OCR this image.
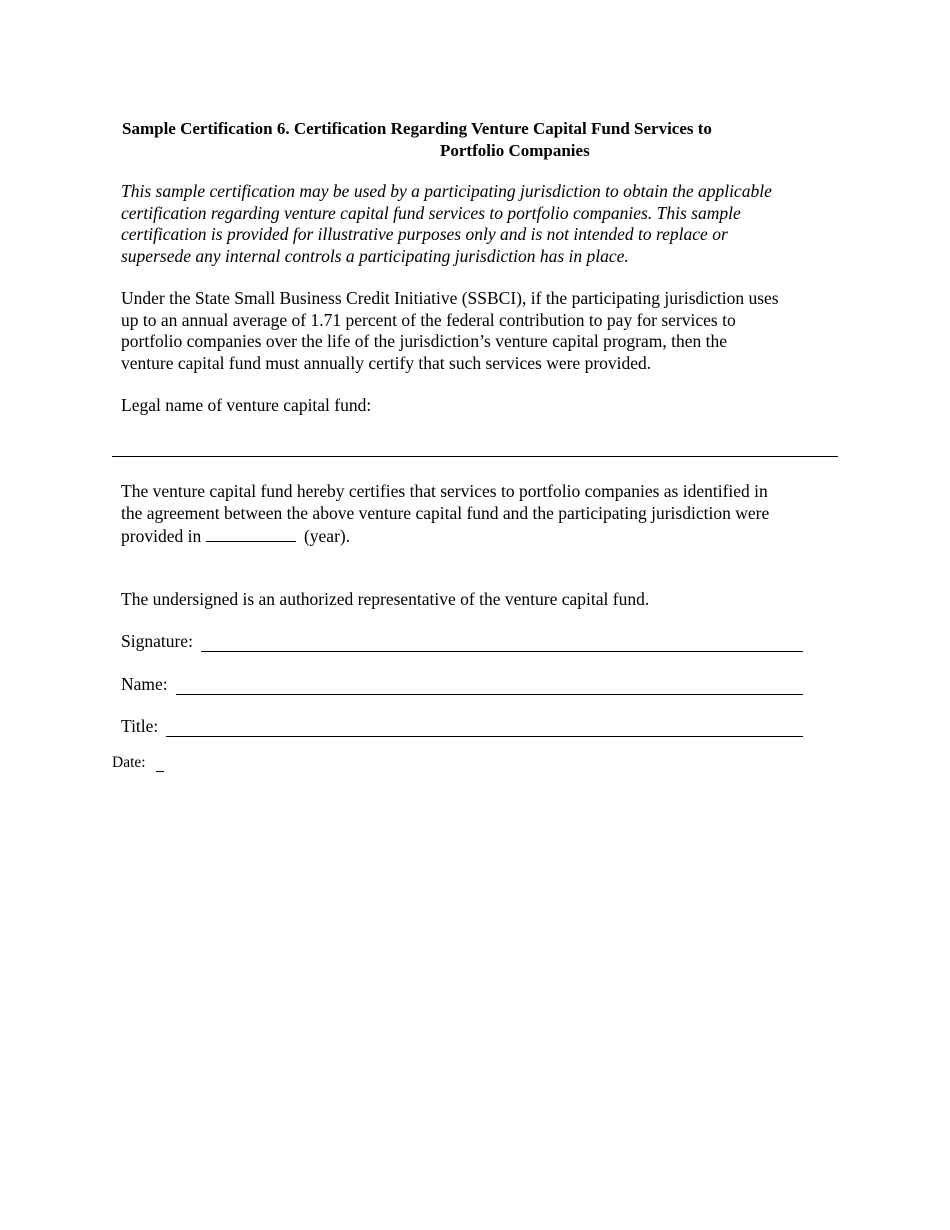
Sample Certification 6. Certification Regarding Venture Capital Fund Services to
Portfolio Companies

This sample certification may be used by a participating jurisdiction to obtain the applicable
certification regarding venture capital fund services to portfolio companies. This sample
certification is provided for illustrative purposes only and is not intended to replace or
supersede any internal controls a participating jurisdiction has in place.

Under the State Small Business Credit Initiative (SSBCI), if the participating jurisdiction uses
up to an annual average of 1.71 percent of the federal contribution to pay for services to
portfolio companies over the life of the jurisdiction’s venture capital program, then the
venture capital fund must annually certify that such services were provided.

Legal name of venture capital fund:

The venture capital fund hereby certifies that services to portfolio companies as identified in
the agreement between the above venture capital fund and the participating jurisdiction were
provided in	(year).

The undersigned is an authorized representative of the venture capital fund.

Signature:
Name:
Title:
Date:
